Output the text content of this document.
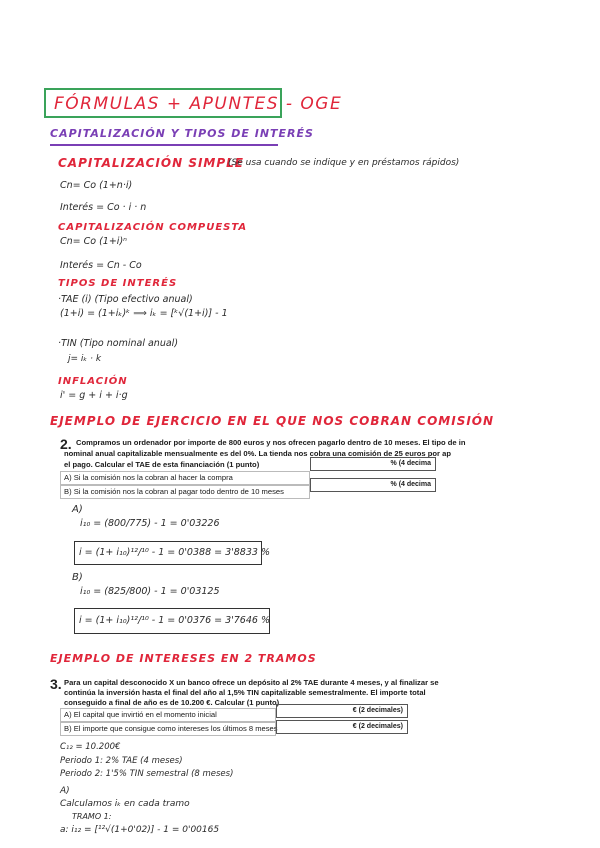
FÓRMULAS + APUNTES - OGE
CAPITALIZACIÓN Y TIPOS DE INTERÉS
CAPITALIZACIÓN SIMPLE
(Se usa cuando se indique y en préstamos rápidos)
Cn= Co (1+n·i)
Interés = Co · i · n
CAPITALIZACIÓN COMPUESTA
Cn= Co (1+i)ⁿ
Interés = Cn - Co
TIPOS DE INTERÉS
·TAE (i) (Tipo efectivo anual)
(1+i) = (1+iₖ)ᵏ ⟹ iₖ = [ᵏ√(1+i)] - 1
·TIN (Tipo nominal anual)
j= iₖ · k
INFLACIÓN
i' = g + i + i·g
EJEMPLO DE EJERCICIO EN EL QUE NOS COBRAN COMISIÓN
2. Compramos un ordenador por importe de 800 euros y nos ofrecen pagarlo dentro de 10 meses. El tipo de in
nominal anual capitalizable mensualmente es del 0%. La tienda nos cobra una comisión de 25 euros por ap
el pago. Calcular el TAE de esta financiación (1 punto)
A) Si la comisión nos la cobran al hacer la compra
B) Si la comisión nos la cobran al pagar todo dentro de 10 meses
% (4 decima
% (4 decima
A)
i₁₀ = (800/775) - 1 = 0'03226
i = (1+ i₁₀)¹²/¹⁰ - 1 = 0'0388 = 3'8833 %
B)
i₁₀ = (825/800) - 1 = 0'03125
i = (1+ i₁₀)¹²/¹⁰ - 1 = 0'0376 = 3'7646 %
EJEMPLO DE INTERESES EN 2 TRAMOS
3. Para un capital desconocido X un banco ofrece un depósito al 2% TAE durante 4 meses, y al finalizar se
continúa la inversión hasta el final del año al 1,5% TIN capitalizable semestralmente. El importe total
conseguido a final de año es de 10.200 €. Calcular (1 punto)
A) El capital que invirtió en el momento inicial
B) El importe que consigue como intereses los últimos 8 meses
€ (2 decimales)
€ (2 decimales)
C₁₂ = 10.200€
Periodo 1: 2% TAE (4 meses)
Periodo 2: 1'5% TIN semestral (8 meses)
A)
Calculamos iₖ en cada tramo
TRAMO 1:
a: i₁₂ = [¹²√(1+0'02)] - 1 = 0'00165
